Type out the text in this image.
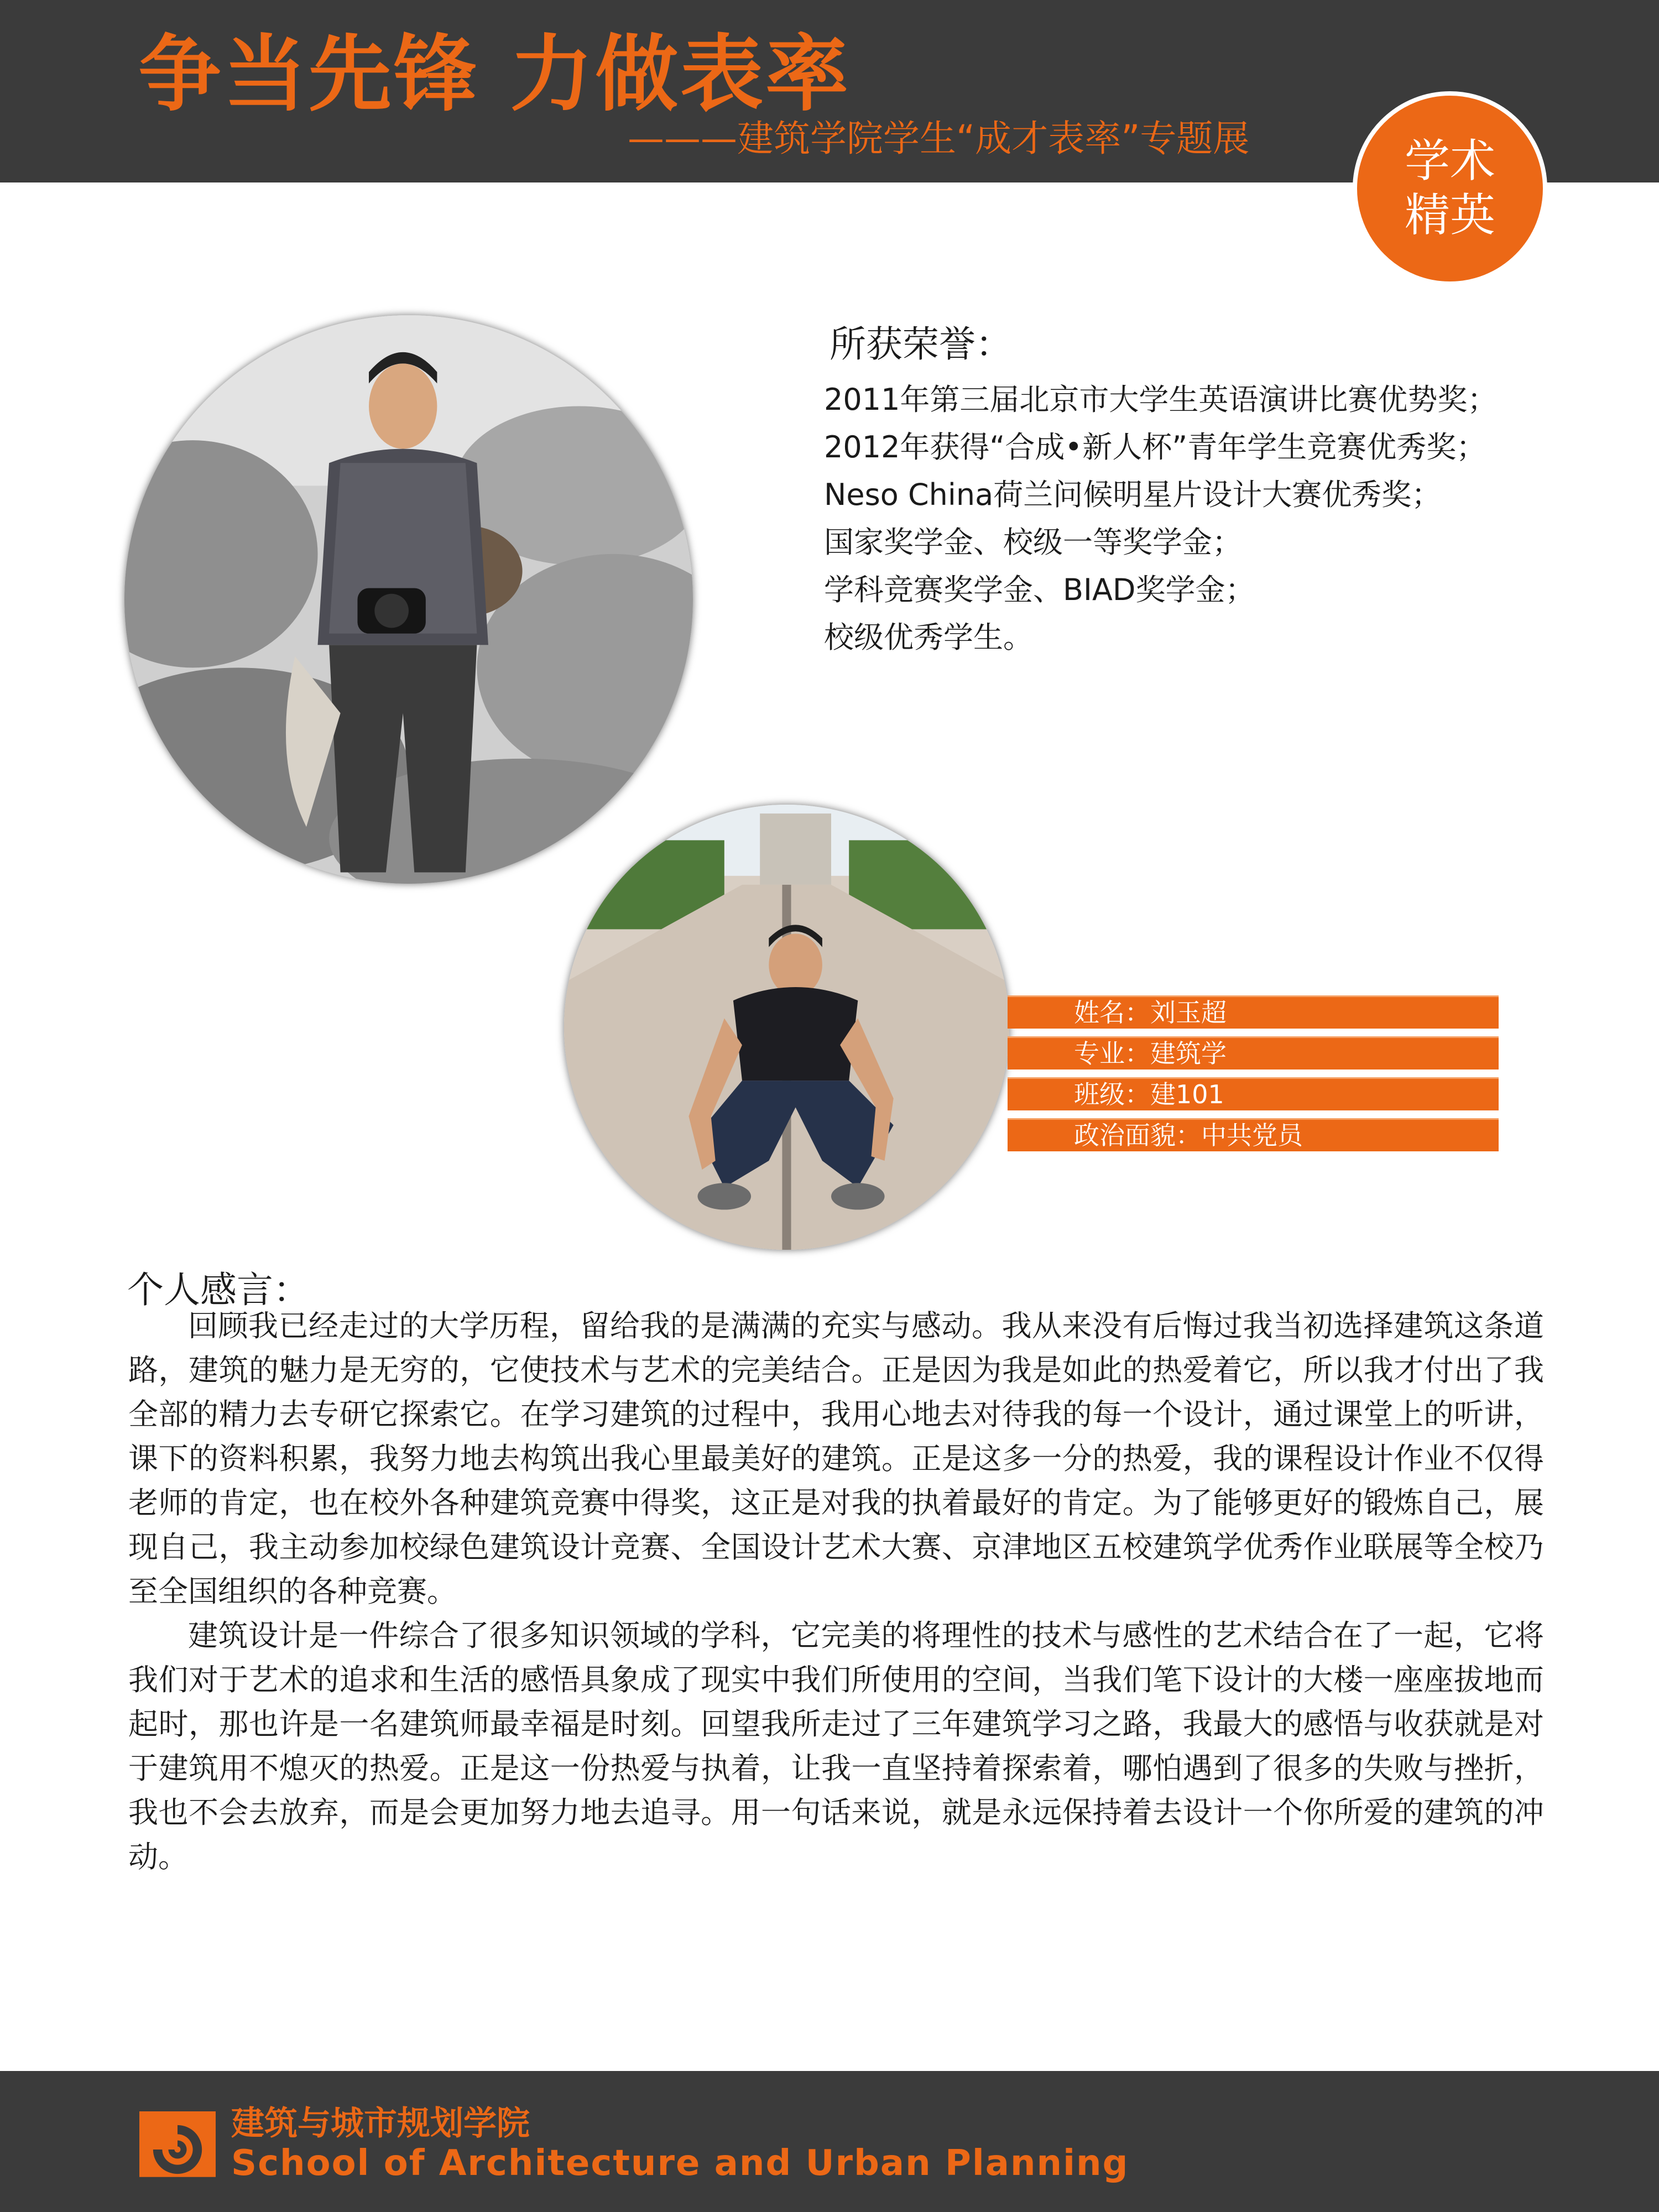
争当先锋 力做表率
———建筑学院学生“成才表率”专题展	学术
精英
所获荣誉：
2011年第三届北京市大学生英语演讲比赛优势奖；
2012年获得“合成•新人杯”青年学生竞赛优秀奖；
Neso China荷兰问候明星片设计大赛优秀奖；
国家奖学金、校级一等奖学金；
学科竞赛奖学金、BIAD奖学金；
校级优秀学生。
姓名：刘玉超
专业：建筑学
班级：建101
政治面貌：中共党员
个人感言：

回顾我已经走过的大学历程，留给我的是满满的充实与感动。我从来没有后悔过我当初选择建筑这条道路，建筑的魅力是无穷的，它使技术与艺术的完美结合。正是因为我是如此的热爱着它，所以我才付出了我全部的精力去专研它探索它。在学习建筑的过程中，我用心地去对待我的每一个设计，通过课堂上的听讲，课下的资料积累，我努力地去构筑出我心里最美好的建筑。正是这多一分的热爱，我的课程设计作业不仅得老师的肯定，也在校外各种建筑竞赛中得奖，这正是对我的执着最好的肯定。为了能够更好的锻炼自己，展现自己，我主动参加校绿色建筑设计竞赛、全国设计艺术大赛、京津地区五校建筑学优秀作业联展等全校乃至全国组织的各种竞赛。

建筑设计是一件综合了很多知识领域的学科，它完美的将理性的技术与感性的艺术结合在了一起，它将我们对于艺术的追求和生活的感悟具象成了现实中我们所使用的空间，当我们笔下设计的大楼一座座拔地而起时，那也许是一名建筑师最幸福是时刻。回望我所走过了三年建筑学习之路，我最大的感悟与收获就是对于建筑用不熄灭的热爱。正是这一份热爱与执着，让我一直坚持着探索着，哪怕遇到了很多的失败与挫折，我也不会去放弃，而是会更加努力地去追寻。用一句话来说，就是永远保持着去设计一个你所爱的建筑的冲动。

建筑与城市规划学院
School of Architecture and Urban Planning
